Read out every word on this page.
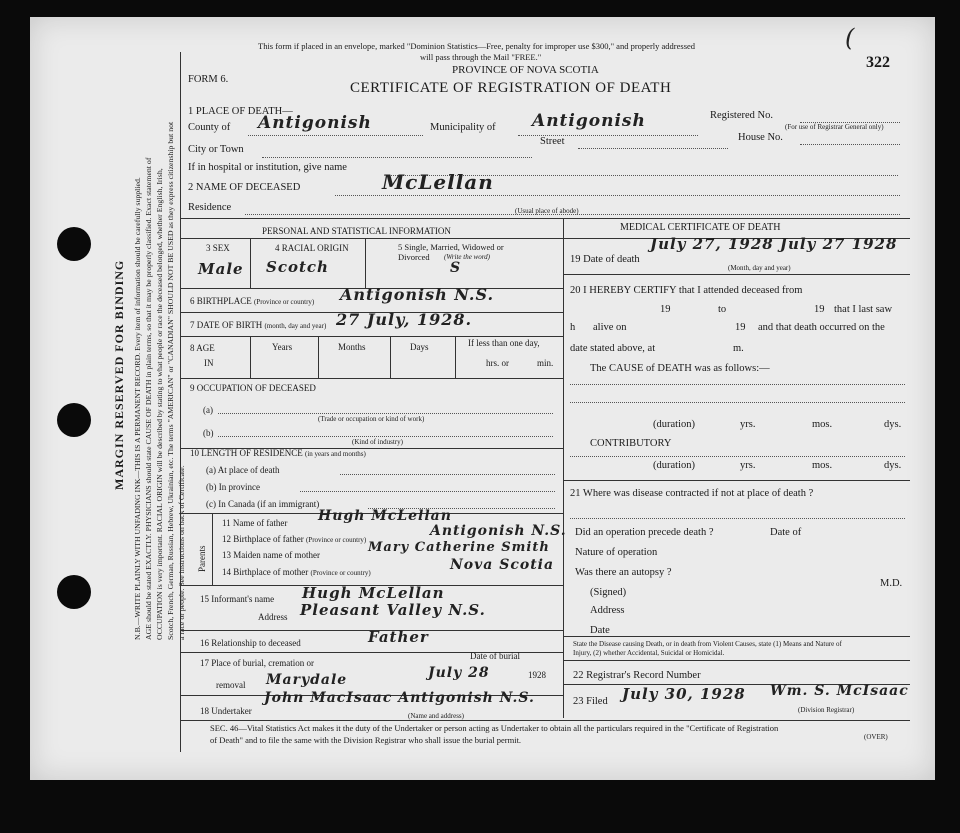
MARGIN RESERVED FOR BINDING N.B.—WRITE PLAINLY WITH UNFADING INK—THIS IS A PERMANENT RECORD. Every item of information should be carefully supplied. AGE should be stated EXACTLY. PHYSICIANS should state CAUSE OF DEATH in plain terms, so that it may be properly classified. Exact statement of OCCUPATION is very important. RACIAL ORIGIN will be described by stating to what people or race the deceased belonged, whether English, Irish, Scotch, French, German, Russian, Hebrew, Ukrainian, etc. The terms "AMERICAN" or "CANADIAN" SHOULD NOT BE USED as they express citizenship but not a race or people. See instructions on back of Certificate.
(
322
This form if placed in an envelope, marked "Dominion Statistics—Free, penalty for improper use $300," and properly addressed
will pass through the Mail "FREE."
PROVINCE OF NOVA SCOTIA
FORM 6.
CERTIFICATE OF REGISTRATION OF DEATH
1 PLACE OF DEATH—
County of Antigonish	Municipality of Antigonish	Registered No.
(For use of Registrar General only)
City or Town
Street	House No.
If in hospital or institution, give name
2 NAME OF DECEASED	McLellan
Residence	(Usual place of abode)
PERSONAL AND STATISTICAL INFORMATION
3 SEX
Male
4 RACIAL ORIGIN
Scotch
5 Single, Married, Widowed or
Divorced (Write the word)
S
6 BIRTHPLACE (Province or country) Antigonish N.S.
7 DATE OF BIRTH (month, day and year) 27 July, 1928.
8 AGE
IN
Years	Months	Days	If less than one day,
hrs. or	min.
9 OCCUPATION OF DECEASED
(a)
(Trade or occupation or kind of work)
(b)
(Kind of industry)
10 LENGTH OF RESIDENCE (in years and months)
(a) At place of death
(b) In province
(c) In Canada (if an immigrant)
Parents
11 Name of father Hugh McLellan
12 Birthplace of father (Province or country)
Antigonish N.S.
13 Maiden name of mother	Mary Catherine Smith
14 Birthplace of mother (Province or country)	Nova Scotia
15 Informant's name Hugh McLellan
Address Pleasant Valley N.S.
16 Relationship to deceased	Father
17 Place of burial, cremation or
removal Marydale
Date of burial
July 28	1928
18 Undertaker
John MacIsaac Antigonish N.S.
(Name and address)
MEDICAL CERTIFICATE OF DEATH
19 Date of death
July 27, 1928 July 27 1928
(Month, day and year)
20 I HEREBY CERTIFY that I attended deceased from
19	to	19 that I last saw
h alive on	19 and that death occurred on the
date stated above, at	m.
The CAUSE of DEATH was as follows:—
(duration)	yrs.	mos.	dys.
CONTRIBUTORY
(duration)	yrs.	mos.	dys.
21 Where was disease contracted if not at place of death ?
Did an operation precede death ?	Date of
Nature of operation
Was there an autopsy ?
M.D.
(Signed)
Address
Date
State the Disease causing Death, or in death from Violent Causes, state (1) Means and Nature of
Injury, (2) whether Accidental, Suicidal or Homicidal.
22 Registrar's Record Number
23 Filed July 30, 1928 Wm. S. McIsaac
(Division Registrar)
SEC. 46—Vital Statistics Act makes it the duty of the Undertaker or person acting as Undertaker to obtain all the particulars required in the "Certificate of Registration
of Death" and to file the same with the Division Registrar who shall issue the burial permit.	(OVER)
